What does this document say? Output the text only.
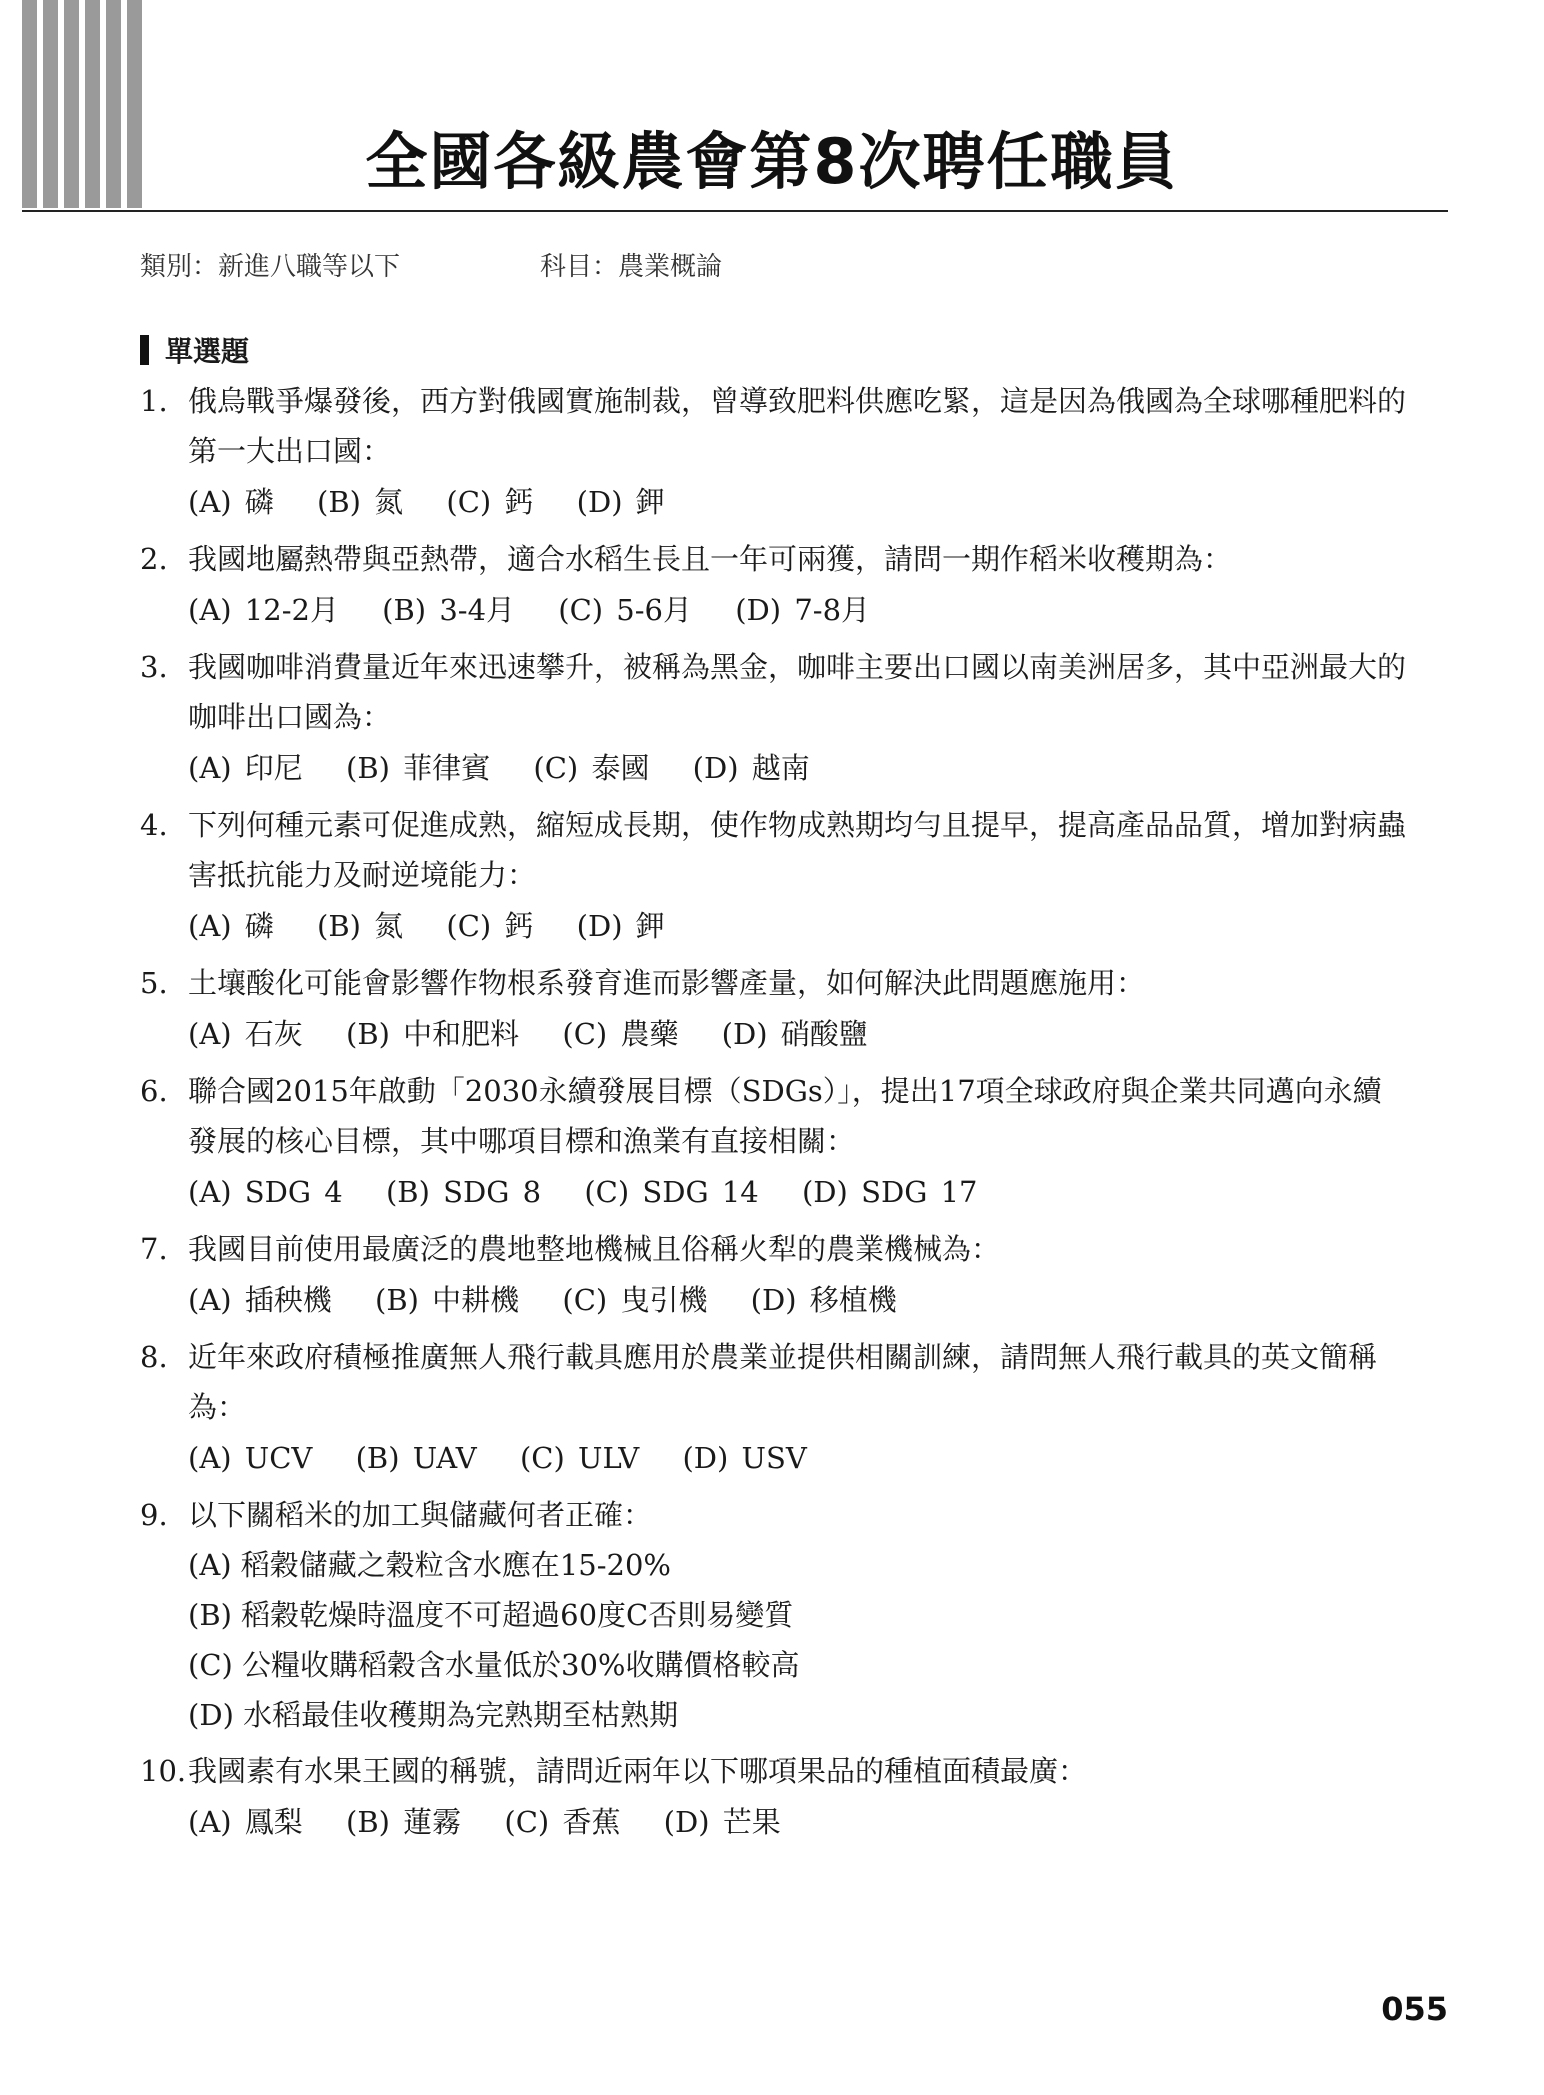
全國各級農會第8次聘任職員
類別：新進八職等以下	科目：農業概論
單選題
1. 俄烏戰爭爆發後，西方對俄國實施制裁，曾導致肥料供應吃緊，這是因為俄國為全球哪種肥料的第一大出口國：

(A) 磷 (B) 氮 (C) 鈣 (D) 鉀

2. 我國地屬熱帶與亞熱帶，適合水稻生長且一年可兩獲，請問一期作稻米收穫期為：

(A) 12-2月 (B) 3-4月 (C) 5-6月 (D) 7-8月

3. 我國咖啡消費量近年來迅速攀升，被稱為黑金，咖啡主要出口國以南美洲居多，其中亞洲最大的咖啡出口國為：

(A) 印尼 (B) 菲律賓 (C) 泰國 (D) 越南

4. 下列何種元素可促進成熟，縮短成長期，使作物成熟期均勻且提早，提高產品品質，增加對病蟲害抵抗能力及耐逆境能力：

(A) 磷 (B) 氮 (C) 鈣 (D) 鉀

5. 土壤酸化可能會影響作物根系發育進而影響產量，如何解決此問題應施用：

(A) 石灰 (B) 中和肥料 (C) 農藥 (D) 硝酸鹽

6. 聯合國2015年啟動「2030永續發展目標（SDGs）」，提出17項全球政府與企業共同邁向永續發展的核心目標，其中哪項目標和漁業有直接相關：

(A) SDG 4 (B) SDG 8 (C) SDG 14 (D) SDG 17

7. 我國目前使用最廣泛的農地整地機械且俗稱火犁的農業機械為：

(A) 插秧機 (B) 中耕機 (C) 曳引機 (D) 移植機

8. 近年來政府積極推廣無人飛行載具應用於農業並提供相關訓練，請問無人飛行載具的英文簡稱為：

(A) UCV (B) UAV (C) ULV (D) USV

9. 以下關稻米的加工與儲藏何者正確：

(A) 稻穀儲藏之穀粒含水應在15-20%

(B) 稻穀乾燥時溫度不可超過60度C否則易變質

(C) 公糧收購稻穀含水量低於30%收購價格較高

(D) 水稻最佳收穫期為完熟期至枯熟期

10. 我國素有水果王國的稱號，請問近兩年以下哪項果品的種植面積最廣：

(A) 鳳梨 (B) 蓮霧 (C) 香蕉 (D) 芒果

055
